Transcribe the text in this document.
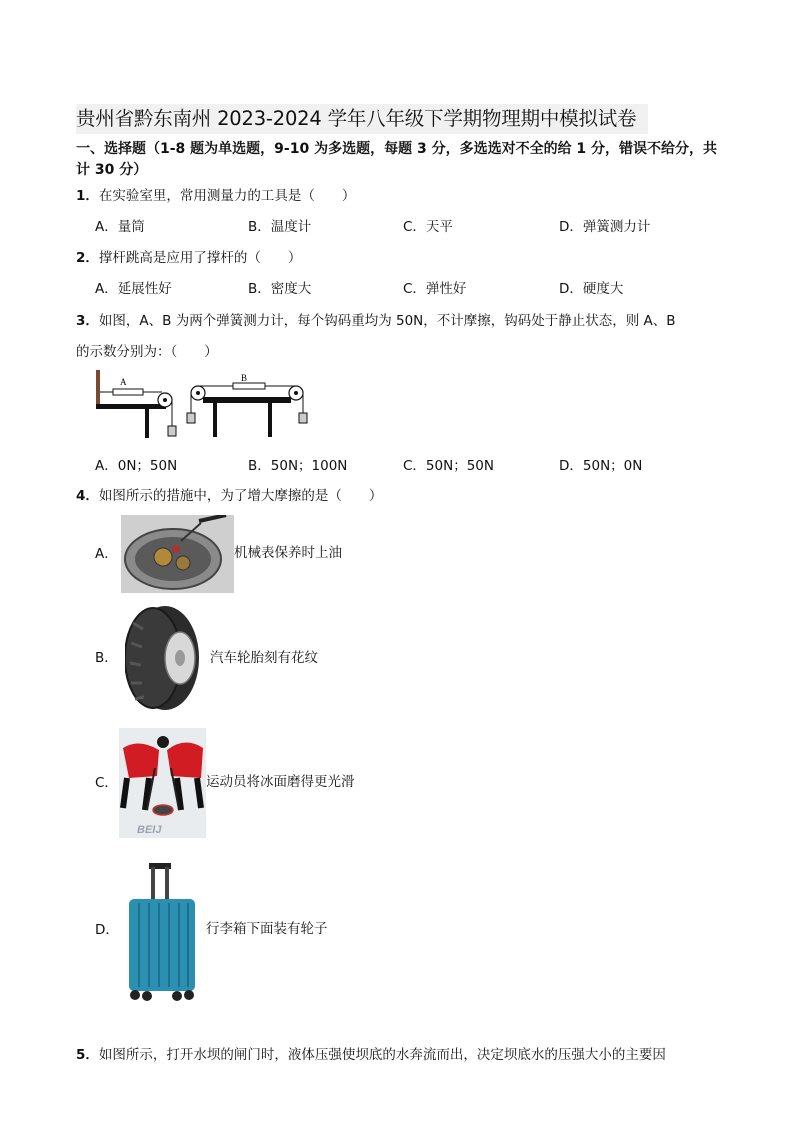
贵州省黔东南州 2023-2024 学年八年级下学期物理期中模拟试卷
一、选择题（1-8 题为单选题，9-10 为多选题，每题 3 分，多选选对不全的给 1 分，错误不给分，共计 30 分）
1．在实验室里，常用测量力的工具是（　　）
A．量筒	B．温度计	C．天平	D．弹簧测力计
2．撑杆跳高是应用了撑杆的（　　）
A．延展性好	B．密度大	C．弹性好	D．硬度大
3．如图，A、B 为两个弹簧测力计，每个钩码重均为 50N，不计摩擦，钩码处于静止状态，则 A、B
的示数分别为：（　　）
A	B
A．0N；50N	B．50N；100N	C．50N；50N	D．50N；0N
4．如图所示的措施中，为了增大摩擦的是（　　）
A．	机械表保养时上油
B．	汽车轮胎刻有花纹
C．
BEIJ
运动员将冰面磨得更光滑
D．	行李箱下面装有轮子
5．如图所示，打开水坝的闸门时，液体压强使坝底的水奔流而出，决定坝底水的压强大小的主要因
